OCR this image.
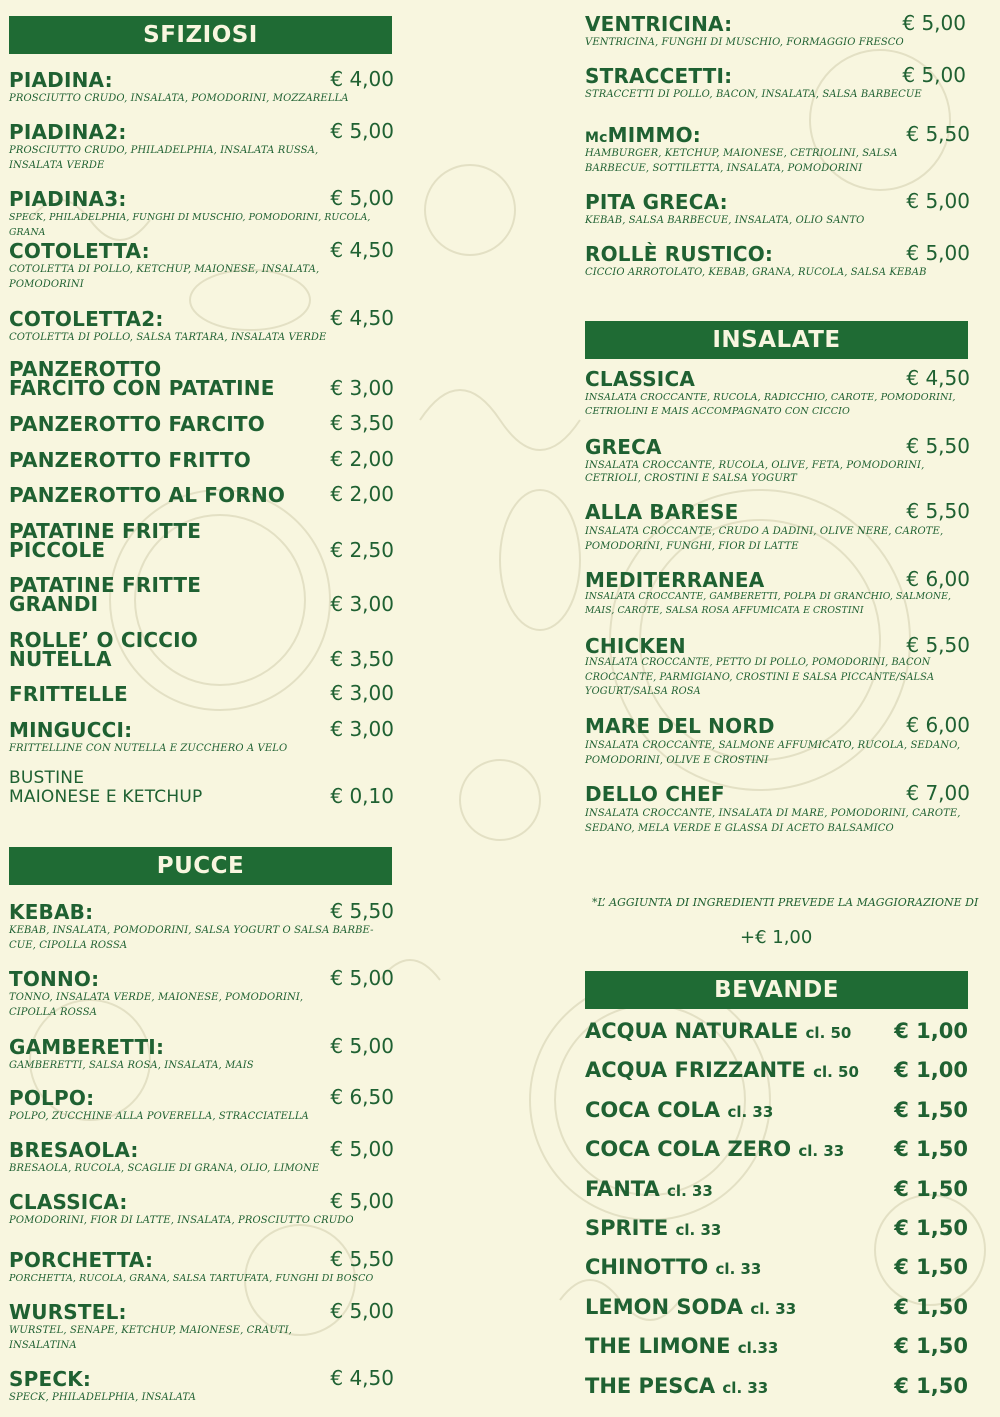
SFIZIOSI
PUCCE
INSALATE
BEVANDE
PIADINA:	€ 4,00
PROSCIUTTO CRUDO, INSALATA, POMODORINI, MOZZARELLA
PIADINA2:	€ 5,00
PROSCIUTTO CRUDO, PHILADELPHIA, INSALATA RUSSA, INSALATA VERDE
PIADINA3:	€ 5,00
SPECK, PHILADELPHIA, FUNGHI DI MUSCHIO, POMODORINI, RUCOLA, GRANA
COTOLETTA:	€ 4,50
COTOLETTA DI POLLO, KETCHUP, MAIONESE, INSALATA, POMODORINI
COTOLETTA2:	€ 4,50
COTOLETTA DI POLLO, SALSA TARTARA, INSALATA VERDE
PANZEROTTO
FARCITO CON PATATINE	€ 3,00
PANZEROTTO FARCITO	€ 3,50
PANZEROTTO FRITTO	€ 2,00
PANZEROTTO AL FORNO € 2,00
PATATINE FRITTE
PICCOLE	€ 2,50
PATATINE FRITTE
GRANDI	€ 3,00
ROLLE’ O CICCIO
NUTELLA	€ 3,50
FRITTELLE	€ 3,00
MINGUCCI:	€ 3,00
FRITTELLINE CON NUTELLA E ZUCCHERO A VELO
BUSTINE
MAIONESE E KETCHUP	€ 0,10
KEBAB:	€ 5,50
KEBAB, INSALATA, POMODORINI, SALSA YOGURT O SALSA BARBE-CUE, CIPOLLA ROSSA
TONNO:	€ 5,00
TONNO, INSALATA VERDE, MAIONESE, POMODORINI, CIPOLLA ROSSA
GAMBERETTI:	€ 5,00
GAMBERETTI, SALSA ROSA, INSALATA, MAIS
POLPO:	€ 6,50
POLPO, ZUCCHINE ALLA POVERELLA, STRACCIATELLA
BRESAOLA:	€ 5,00
BRESAOLA, RUCOLA, SCAGLIE DI GRANA, OLIO, LIMONE
CLASSICA:	€ 5,00
POMODORINI, FIOR DI LATTE, INSALATA, PROSCIUTTO CRUDO
PORCHETTA:	€ 5,50
PORCHETTA, RUCOLA, GRANA, SALSA TARTUFATA, FUNGHI DI BOSCO
WURSTEL:	€ 5,00
WURSTEL, SENAPE, KETCHUP, MAIONESE, CRAUTI, INSALATINA
SPECK:	€ 4,50
SPECK, PHILADELPHIA, INSALATA
VENTRICINA:	€ 5,00
VENTRICINA, FUNGHI DI MUSCHIO, FORMAGGIO FRESCO
STRACCETTI:	€ 5,00
STRACCETTI DI POLLO, BACON, INSALATA, SALSA BARBECUE
McMIMMO:	€ 5,50
HAMBURGER, KETCHUP, MAIONESE, CETRIOLINI, SALSA BARBECUE, SOTTILETTA, INSALATA, POMODORINI
PITA GRECA:	€ 5,00
KEBAB, SALSA BARBECUE, INSALATA, OLIO SANTO
ROLLÈ RUSTICO:	€ 5,00
CICCIO ARROTOLATO, KEBAB, GRANA, RUCOLA, SALSA KEBAB
CLASSICA	€ 4,50
INSALATA CROCCANTE, RUCOLA, RADICCHIO, CAROTE, POMODORINI, CETRIOLINI E MAIS ACCOMPAGNATO CON CICCIO
GRECA	€ 5,50
INSALATA CROCCANTE, RUCOLA, OLIVE, FETA, POMODORINI, CETRIOLI, CROSTINI E SALSA YOGURT
ALLA BARESE	€ 5,50
INSALATA CROCCANTE, CRUDO A DADINI, OLIVE NERE, CAROTE, POMODORINI, FUNGHI, FIOR DI LATTE
MEDITERRANEA	€ 6,00
INSALATA CROCCANTE, GAMBERETTI, POLPA DI GRANCHIO, SALMONE, MAIS, CAROTE, SALSA ROSA AFFUMICATA E CROSTINI
CHICKEN	€ 5,50
INSALATA CROCCANTE, PETTO DI POLLO, POMODORINI, BACON CROCCANTE, PARMIGIANO, CROSTINI E SALSA PICCANTE/SALSA YOGURT/SALSA ROSA
MARE DEL NORD	€ 6,00
INSALATA CROCCANTE, SALMONE AFFUMICATO, RUCOLA, SEDANO, POMODORINI, OLIVE E CROSTINI
DELLO CHEF	€ 7,00
INSALATA CROCCANTE, INSALATA DI MARE, POMODORINI, CAROTE, SEDANO, MELA VERDE E GLASSA DI ACETO BALSAMICO
*L’ AGGIUNTA DI INGREDIENTI PREVEDE LA MAGGIORAZIONE DI
+€ 1,00
ACQUA NATURALE cl. 50 € 1,00
ACQUA FRIZZANTE cl. 50 € 1,00
COCA COLA cl. 33	€ 1,50
COCA COLA ZERO cl. 33 € 1,50
FANTA cl. 33	€ 1,50
SPRITE cl. 33	€ 1,50
CHINOTTO cl. 33	€ 1,50
LEMON SODA cl. 33	€ 1,50
THE LIMONE cl.33	€ 1,50
THE PESCA cl. 33	€ 1,50
